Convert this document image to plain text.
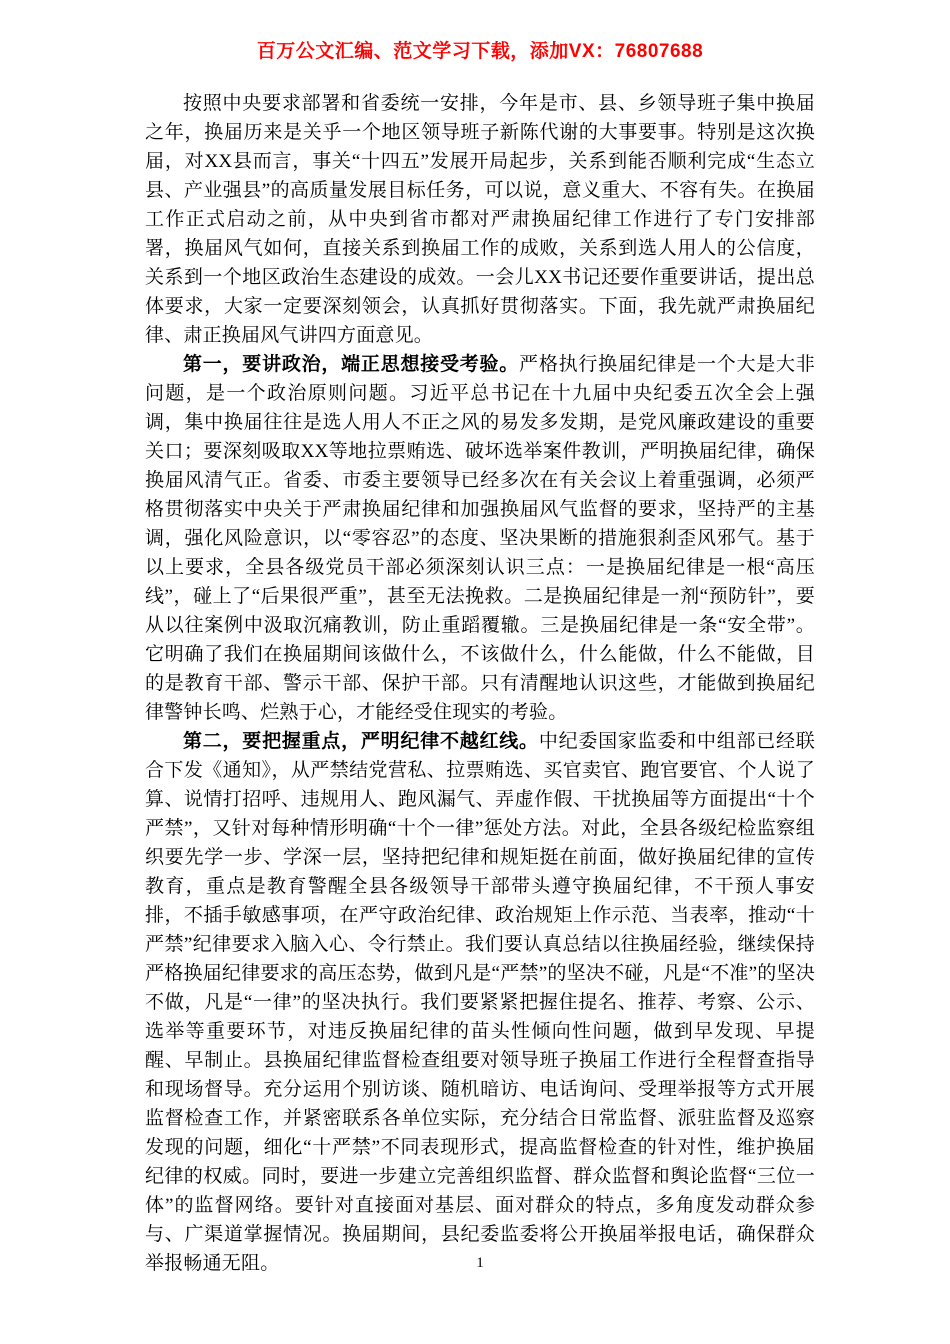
百万公文汇编、范文学习下载，添加VX：76807688

按照中央要求部署和省委统一安排，今年是市、县、乡领导班子集中换届之年，换届历来是关乎一个地区领导班子新陈代谢的大事要事。特别是这次换届，对XX县而言，事关“十四五”发展开局起步，关系到能否顺利完成“生态立县、产业强县”的高质量发展目标任务，可以说，意义重大、不容有失。在换届工作正式启动之前，从中央到省市都对严肃换届纪律工作进行了专门安排部署，换届风气如何，直接关系到换届工作的成败，关系到选人用人的公信度，关系到一个地区政治生态建设的成效。一会儿XX书记还要作重要讲话，提出总体要求，大家一定要深刻领会，认真抓好贯彻落实。下面，我先就严肃换届纪律、肃正换届风气讲四方面意见。

第一，要讲政治，端正思想接受考验。严格执行换届纪律是一个大是大非问题，是一个政治原则问题。习近平总书记在十九届中央纪委五次全会上强调，集中换届往往是选人用人不正之风的易发多发期，是党风廉政建设的重要关口；要深刻吸取XX等地拉票贿选、破坏选举案件教训，严明换届纪律，确保换届风清气正。省委、市委主要领导已经多次在有关会议上着重强调，必须严格贯彻落实中央关于严肃换届纪律和加强换届风气监督的要求，坚持严的主基调，强化风险意识，以“零容忍”的态度、坚决果断的措施狠刹歪风邪气。基于以上要求，全县各级党员干部必须深刻认识三点：一是换届纪律是一根“高压线”，碰上了“后果很严重”，甚至无法挽救。二是换届纪律是一剂“预防针”，要从以往案例中汲取沉痛教训，防止重蹈覆辙。三是换届纪律是一条“安全带”。它明确了我们在换届期间该做什么，不该做什么，什么能做，什么不能做，目的是教育干部、警示干部、保护干部。只有清醒地认识这些，才能做到换届纪律警钟长鸣、烂熟于心，才能经受住现实的考验。

第二，要把握重点，严明纪律不越红线。中纪委国家监委和中组部已经联合下发《通知》，从严禁结党营私、拉票贿选、买官卖官、跑官要官、个人说了算、说情打招呼、违规用人、跑风漏气、弄虚作假、干扰换届等方面提出“十个严禁”，又针对每种情形明确“十个一律”惩处方法。对此，全县各级纪检监察组织要先学一步、学深一层，坚持把纪律和规矩挺在前面，做好换届纪律的宣传教育，重点是教育警醒全县各级领导干部带头遵守换届纪律，不干预人事安排，不插手敏感事项，在严守政治纪律、政治规矩上作示范、当表率，推动“十严禁”纪律要求入脑入心、令行禁止。我们要认真总结以往换届经验，继续保持严格换届纪律要求的高压态势，做到凡是“严禁”的坚决不碰，凡是“不准”的坚决不做，凡是“一律”的坚决执行。我们要紧紧把握住提名、推荐、考察、公示、选举等重要环节，对违反换届纪律的苗头性倾向性问题，做到早发现、早提醒、早制止。县换届纪律监督检查组要对领导班子换届工作进行全程督查指导和现场督导。充分运用个别访谈、随机暗访、电话询问、受理举报等方式开展监督检查工作，并紧密联系各单位实际，充分结合日常监督、派驻监督及巡察发现的问题，细化“十严禁”不同表现形式，提高监督检查的针对性，维护换届纪律的权威。同时，要进一步建立完善组织监督、群众监督和舆论监督“三位一体”的监督网络。要针对直接面对基层、面对群众的特点，多角度发动群众参与、广渠道掌握情况。换届期间，县纪委监委将公开换届举报电话，确保群众举报畅通无阻。	1
